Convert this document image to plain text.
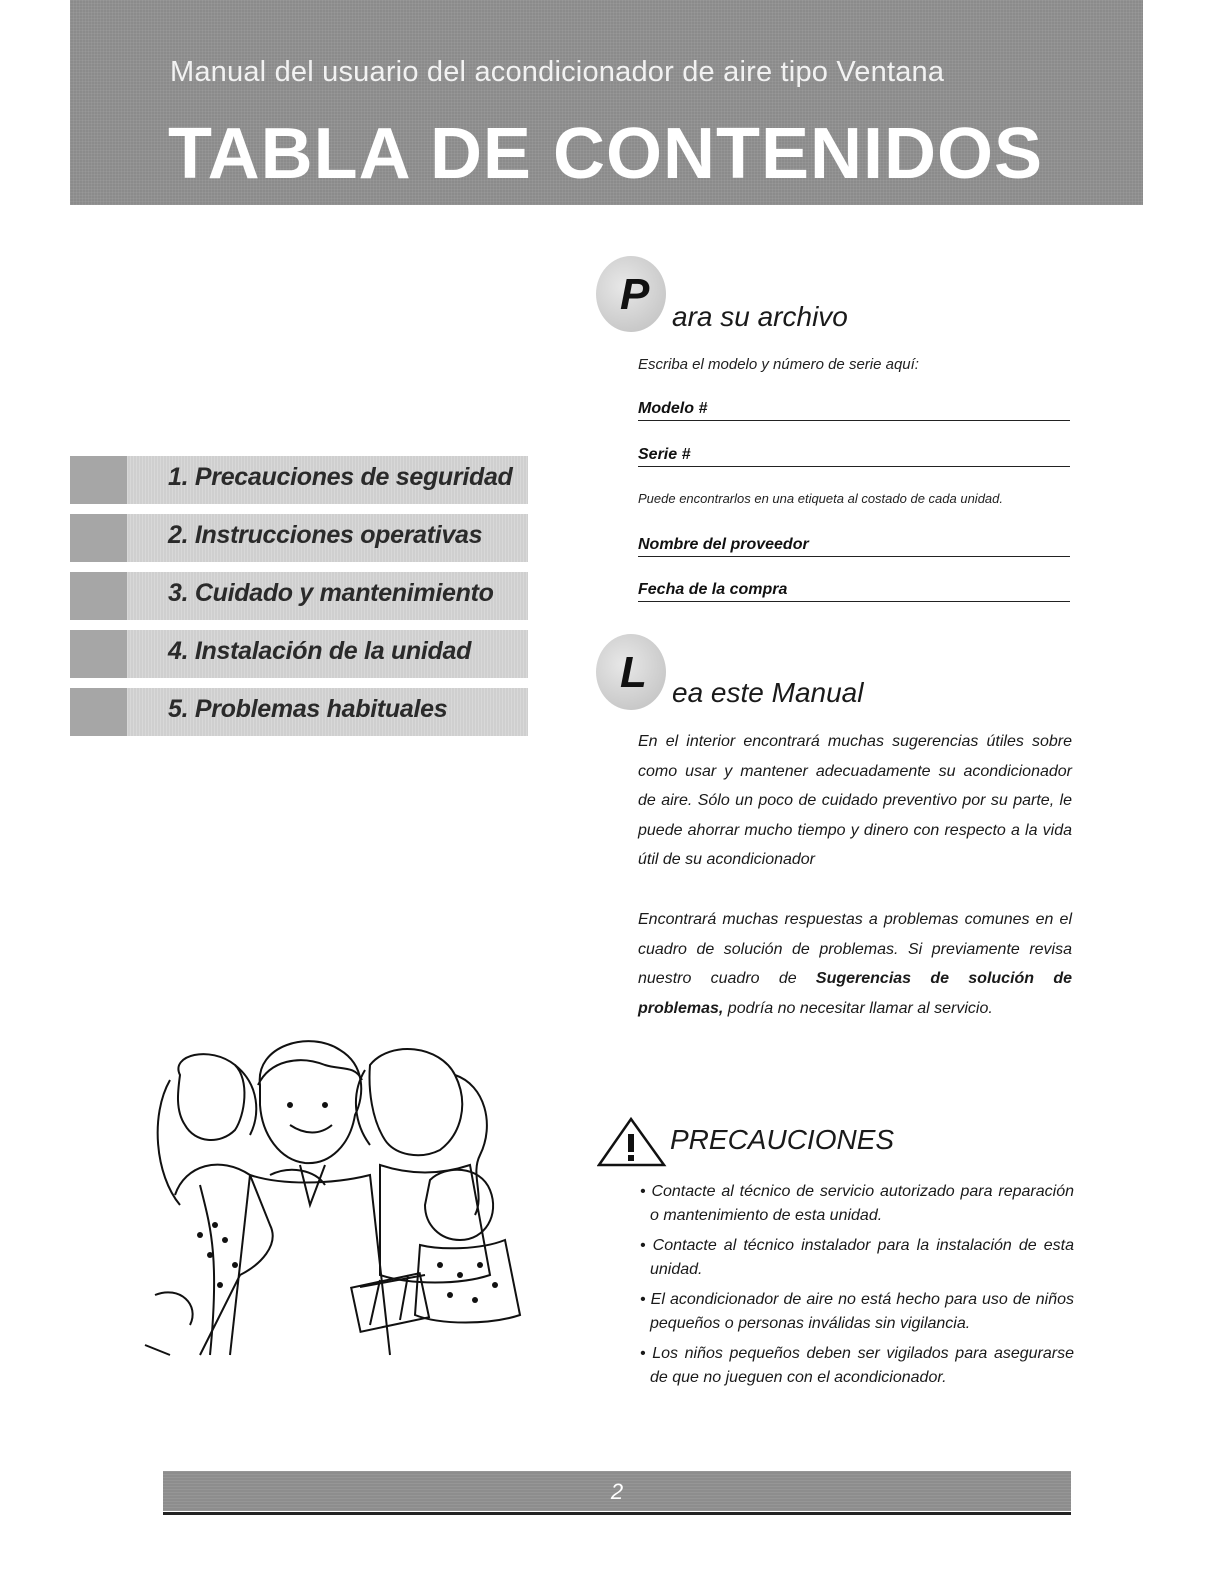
Manual del usuario del acondicionador de aire tipo Ventana
TABLA DE CONTENIDOS
1. Precauciones de seguridad
2. Instrucciones operativas
3. Cuidado y mantenimiento
4. Instalación de la unidad
5. Problemas habituales
P ara su archivo
Escriba el modelo y número de serie aquí:
Modelo #
Serie #
Puede encontrarlos en una etiqueta al costado de cada unidad.
Nombre del proveedor
Fecha de la compra
L ea este Manual
En el interior encontrará muchas sugerencias útiles sobre como usar y mantener adecuadamente su acondicionador de aire. Sólo un poco de cuidado preventivo por su parte, le puede ahorrar mucho tiempo y dinero con respecto a la vida útil de su acondicionador
Encontrará muchas respuestas a problemas comunes en el cuadro de solución de problemas. Si previamente revisa nuestro cuadro de Sugerencias de solución de problemas, podría no necesitar llamar al servicio.
PRECAUCIONES
• Contacte al técnico de servicio autorizado para reparación o mantenimiento de esta unidad.
• Contacte al técnico instalador para la instalación de esta unidad.
• El acondicionador de aire no está hecho para uso de niños pequeños o personas inválidas sin vigilancia.
• Los niños pequeños deben ser vigilados para asegurarse de que no jueguen con el acondicionador.
2
